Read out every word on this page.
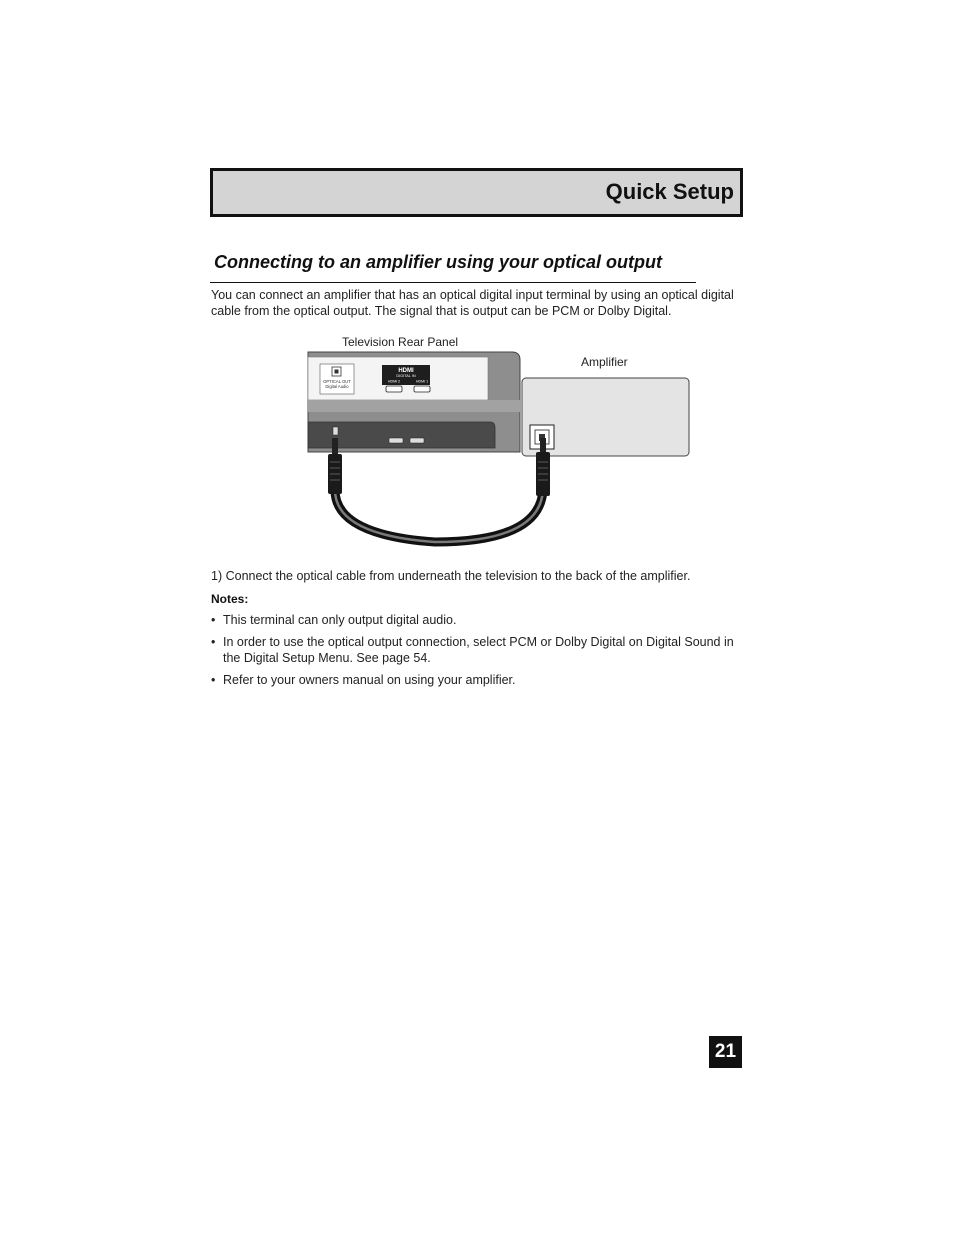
Quick Setup
Connecting to an amplifier using your optical output
You can connect an amplifier that has an optical digital input terminal by using an optical digital cable from the optical output. The signal that is output can be PCM or Dolby Digital.
Television Rear Panel
Amplifier
OPTICAL OUT
Digital Audio
HDMI
DIGITAL IN
HDMI 2	HDMI 1
1) Connect the optical cable from underneath the television to the back of the amplifier.
Notes:
• This terminal can only output digital audio.
• In order to use the optical output connection, select PCM or Dolby Digital on Digital Sound in the Digital Setup Menu. See page 54.
• Refer to your owners manual on using your amplifier.
21
